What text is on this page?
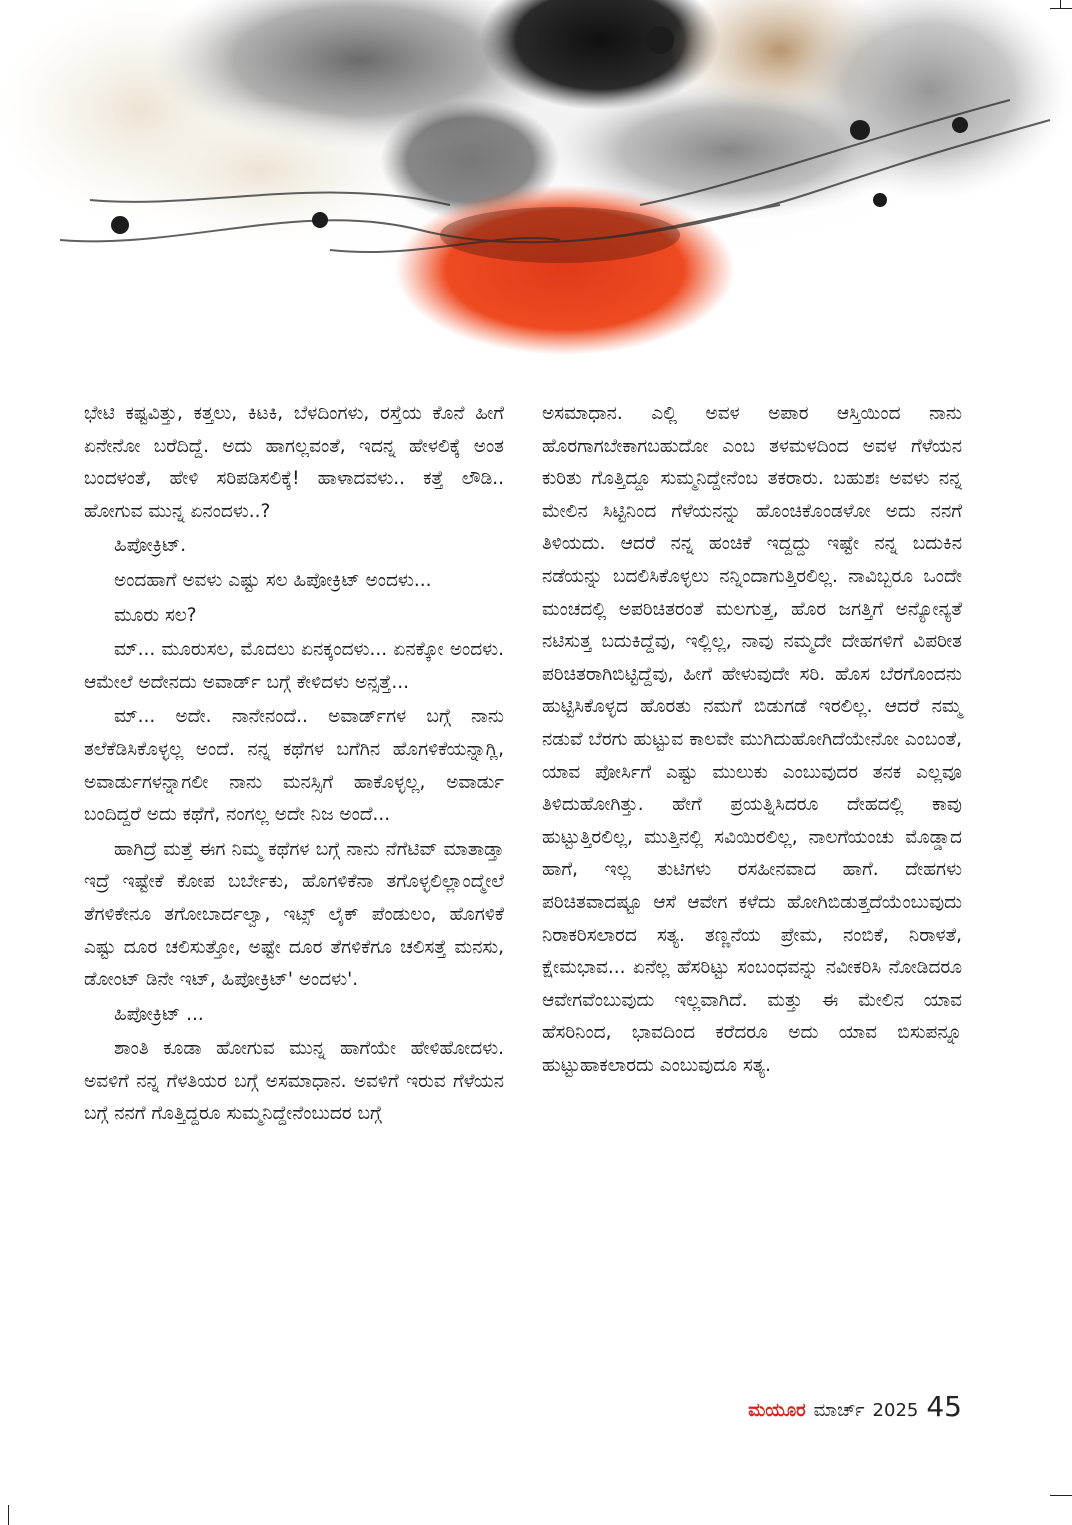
ಭೇಟಿ ಕಷ್ಟವಿತ್ತು, ಕತ್ತಲು, ಕಿಟಕಿ, ಬೆಳದಿಂಗಳು, ರಸ್ತೆಯ ಕೊನೆ ಹೀಗೆ ಏನೇನೋ ಬರೆದಿದ್ದೆ. ಅದು ಹಾಗಲ್ಲವಂತೆ, ಇದನ್ನ ಹೇಳಲಿಕ್ಕೆ ಅಂತ ಬಂದಳಂತೆ, ಹೇಳಿ ಸರಿಪಡಿಸಲಿಕ್ಕೆ! ಹಾಳಾದವಳು.. ಕತ್ತೆ ಲೌಡಿ.. ಹೋಗುವ ಮುನ್ನ ಏನಂದಳು..?

ಹಿಪೋಕ್ರಿಟ್.

ಅಂದಹಾಗೆ ಅವಳು ಎಷ್ಟು ಸಲ ಹಿಪೋಕ್ರಿಟ್ ಅಂದಳು...

ಮೂರು ಸಲ?

ಮ್... ಮೂರುಸಲ, ಮೊದಲು ಏನಕ್ಕಂದಳು... ಏನಕ್ಕೋ ಅಂದಳು. ಆಮೇಲೆ ಅದೇನದು ಅವಾರ್ಡ್ ಬಗ್ಗೆ ಕೇಳಿದಳು ಅನ್ಸತ್ತೆ...

ಮ್... ಅದೇ. ನಾನೇನಂದೆ.. ಅವಾರ್ಡ್‌ಗಳ ಬಗ್ಗೆ ನಾನು ತಲೆಕೆಡಿಸಿಕೊಳ್ಳಲ್ಲ ಅಂದೆ. ನನ್ನ ಕಥೆಗಳ ಬಗೆಗಿನ ಹೊಗಳಿಕೆಯನ್ನಾಗ್ಲಿ, ಅವಾರ್ಡುಗಳನ್ನಾಗಲೀ ನಾನು ಮನಸ್ಸಿಗೆ ಹಾಕೊಳ್ಳಲ್ಲ, ಅವಾರ್ಡು ಬಂದಿದ್ದರೆ ಅದು ಕಥೆಗೆ, ನಂಗಲ್ಲ ಅದೇ ನಿಜ ಅಂದೆ...

ಹಾಗಿದ್ರೆ ಮತ್ತೆ ಈಗ ನಿಮ್ಮ ಕಥೆಗಳ ಬಗ್ಗೆ ನಾನು ನೆಗೆಟಿವ್ ಮಾತಾಡ್ತಾ ಇದ್ರೆ ಇಷ್ಟೇಕೆ ಕೋಪ ಬರ್ಬೇಕು, ಹೊಗಳಿಕೆನಾ ತಗೊಳ್ಳಲಿಲ್ಲಾಂದ್ಮೇಲೆ ತೆಗಳಿಕೇನೂ ತಗೋಬಾರ್ದಲ್ವಾ, ಇಟ್ಸ್ ಲೈಕ್ ಪೆಂಡುಲಂ, ಹೊಗಳಿಕೆ ಎಷ್ಟು ದೂರ ಚಲಿಸುತ್ತೋ, ಅಷ್ಟೇ ದೂರ ತೆಗಳಿಕೆಗೂ ಚಲಿಸತ್ತೆ ಮನಸು, ಡೋಂಟ್ ಡಿನೇ ಇಟ್, ಹಿಪೋಕ್ರಿಟ್' ಅಂದಳು'.

ಹಿಪೋಕ್ರಿಟ್ ...

ಶಾಂತಿ ಕೂಡಾ ಹೋಗುವ ಮುನ್ನ ಹಾಗೆಯೇ ಹೇಳಿಹೋದಳು. ಅವಳಿಗೆ ನನ್ನ ಗೆಳತಿಯರ ಬಗ್ಗೆ ಅಸಮಾಧಾನ. ಅವಳಿಗೆ ಇರುವ ಗೆಳೆಯನ ಬಗ್ಗೆ ನನಗೆ ಗೊತ್ತಿದ್ದರೂ ಸುಮ್ಮನಿದ್ದೇನೆಂಬುದರ ಬಗ್ಗೆ

ಅಸಮಾಧಾನ. ಎಲ್ಲಿ ಅವಳ ಅಪಾರ ಆಸ್ತಿಯಿಂದ ನಾನು ಹೊರಗಾಗಬೇಕಾಗಬಹುದೋ ಎಂಬ ತಳಮಳದಿಂದ ಅವಳ ಗೆಳೆಯನ ಕುರಿತು ಗೊತ್ತಿದ್ದೂ ಸುಮ್ಮನಿದ್ದೇನೆಂಬ ತಕರಾರು. ಬಹುಶಃ ಅವಳು ನನ್ನ ಮೇಲಿನ ಸಿಟ್ಟಿನಿಂದ ಗೆಳೆಯನನ್ನು ಹೊಂಚಿಕೊಂಡಳೋ ಅದು ನನಗೆ ತಿಳಿಯದು. ಆದರೆ ನನ್ನ ಹಂಚಿಕೆ ಇದ್ದದ್ದು ಇಷ್ಟೇ ನನ್ನ ಬದುಕಿನ ನಡೆಯನ್ನು ಬದಲಿಸಿಕೊಳ್ಳಲು ನನ್ನಿಂದಾಗುತ್ತಿರಲಿಲ್ಲ. ನಾವಿಬ್ಬರೂ ಒಂದೇ ಮಂಚದಲ್ಲಿ ಅಪರಿಚಿತರಂತೆ ಮಲಗುತ್ತ, ಹೊರ ಜಗತ್ತಿಗೆ ಅನ್ಯೋನ್ಯತೆ ನಟಿಸುತ್ತ ಬದುಕಿದ್ದೆವು, ಇಲ್ಲಿಲ್ಲ, ನಾವು ನಮ್ಮದೇ ದೇಹಗಳಿಗೆ ವಿಪರೀತ ಪರಿಚಿತರಾಗಿಬಿಟ್ಟಿದ್ದೆವು, ಹೀಗೆ ಹೇಳುವುದೇ ಸರಿ. ಹೊಸ ಬೆರಗೊಂದನು ಹುಟ್ಟಿಸಿಕೊಳ್ಳದ ಹೊರತು ನಮಗೆ ಬಿಡುಗಡೆ ಇರಲಿಲ್ಲ. ಆದರೆ ನಮ್ಮ ನಡುವೆ ಬೆರಗು ಹುಟ್ಟುವ ಕಾಲವೇ ಮುಗಿದುಹೋಗಿದೆಯೇನೋ ಎಂಬಂತೆ, ಯಾವ ಪೋರ್ಸಿಗೆ ಎಷ್ಟು ಮುಲುಕು ಎಂಬುವುದರ ತನಕ ಎಲ್ಲವೂ ತಿಳಿದುಹೋಗಿತ್ತು. ಹೇಗೆ ಪ್ರಯತ್ನಿಸಿದರೂ ದೇಹದಲ್ಲಿ ಕಾವು ಹುಟ್ಟುತ್ತಿರಲಿಲ್ಲ, ಮುತ್ತಿನಲ್ಲಿ ಸವಿಯಿರಲಿಲ್ಲ, ನಾಲಗೆಯಂಚು ಮೊಡ್ಡಾದ ಹಾಗೆ, ಇಲ್ಲ ತುಟಿಗಳು ರಸಹೀನವಾದ ಹಾಗೆ. ದೇಹಗಳು ಪರಿಚಿತವಾದಷ್ಟೂ ಆಸೆ ಆವೇಗ ಕಳೆದು ಹೋಗಿಬಿಡುತ್ತದೆಯೆಂಬುವುದು ನಿರಾಕರಿಸಲಾರದ ಸತ್ಯ. ತಣ್ಣನೆಯ ಪ್ರೇಮ, ನಂಬಿಕೆ, ನಿರಾಳತೆ, ಕ್ಷೇಮಭಾವ... ಏನೆಲ್ಲ ಹೆಸರಿಟ್ಟು ಸಂಬಂಧವನ್ನು ನವೀಕರಿಸಿ ನೋಡಿದರೂ ಆವೇಗವೆಂಬುವುದು ಇಲ್ಲವಾಗಿದೆ. ಮತ್ತು ಈ ಮೇಲಿನ ಯಾವ ಹೆಸರಿನಿಂದ, ಭಾವದಿಂದ ಕರೆದರೂ ಅದು ಯಾವ ಬಿಸುಪನ್ನೂ ಹುಟ್ಟುಹಾಕಲಾರದು ಎಂಬುವುದೂ ಸತ್ಯ.

ಮಯೂರ ಮಾರ್ಚ್ 2025 45
